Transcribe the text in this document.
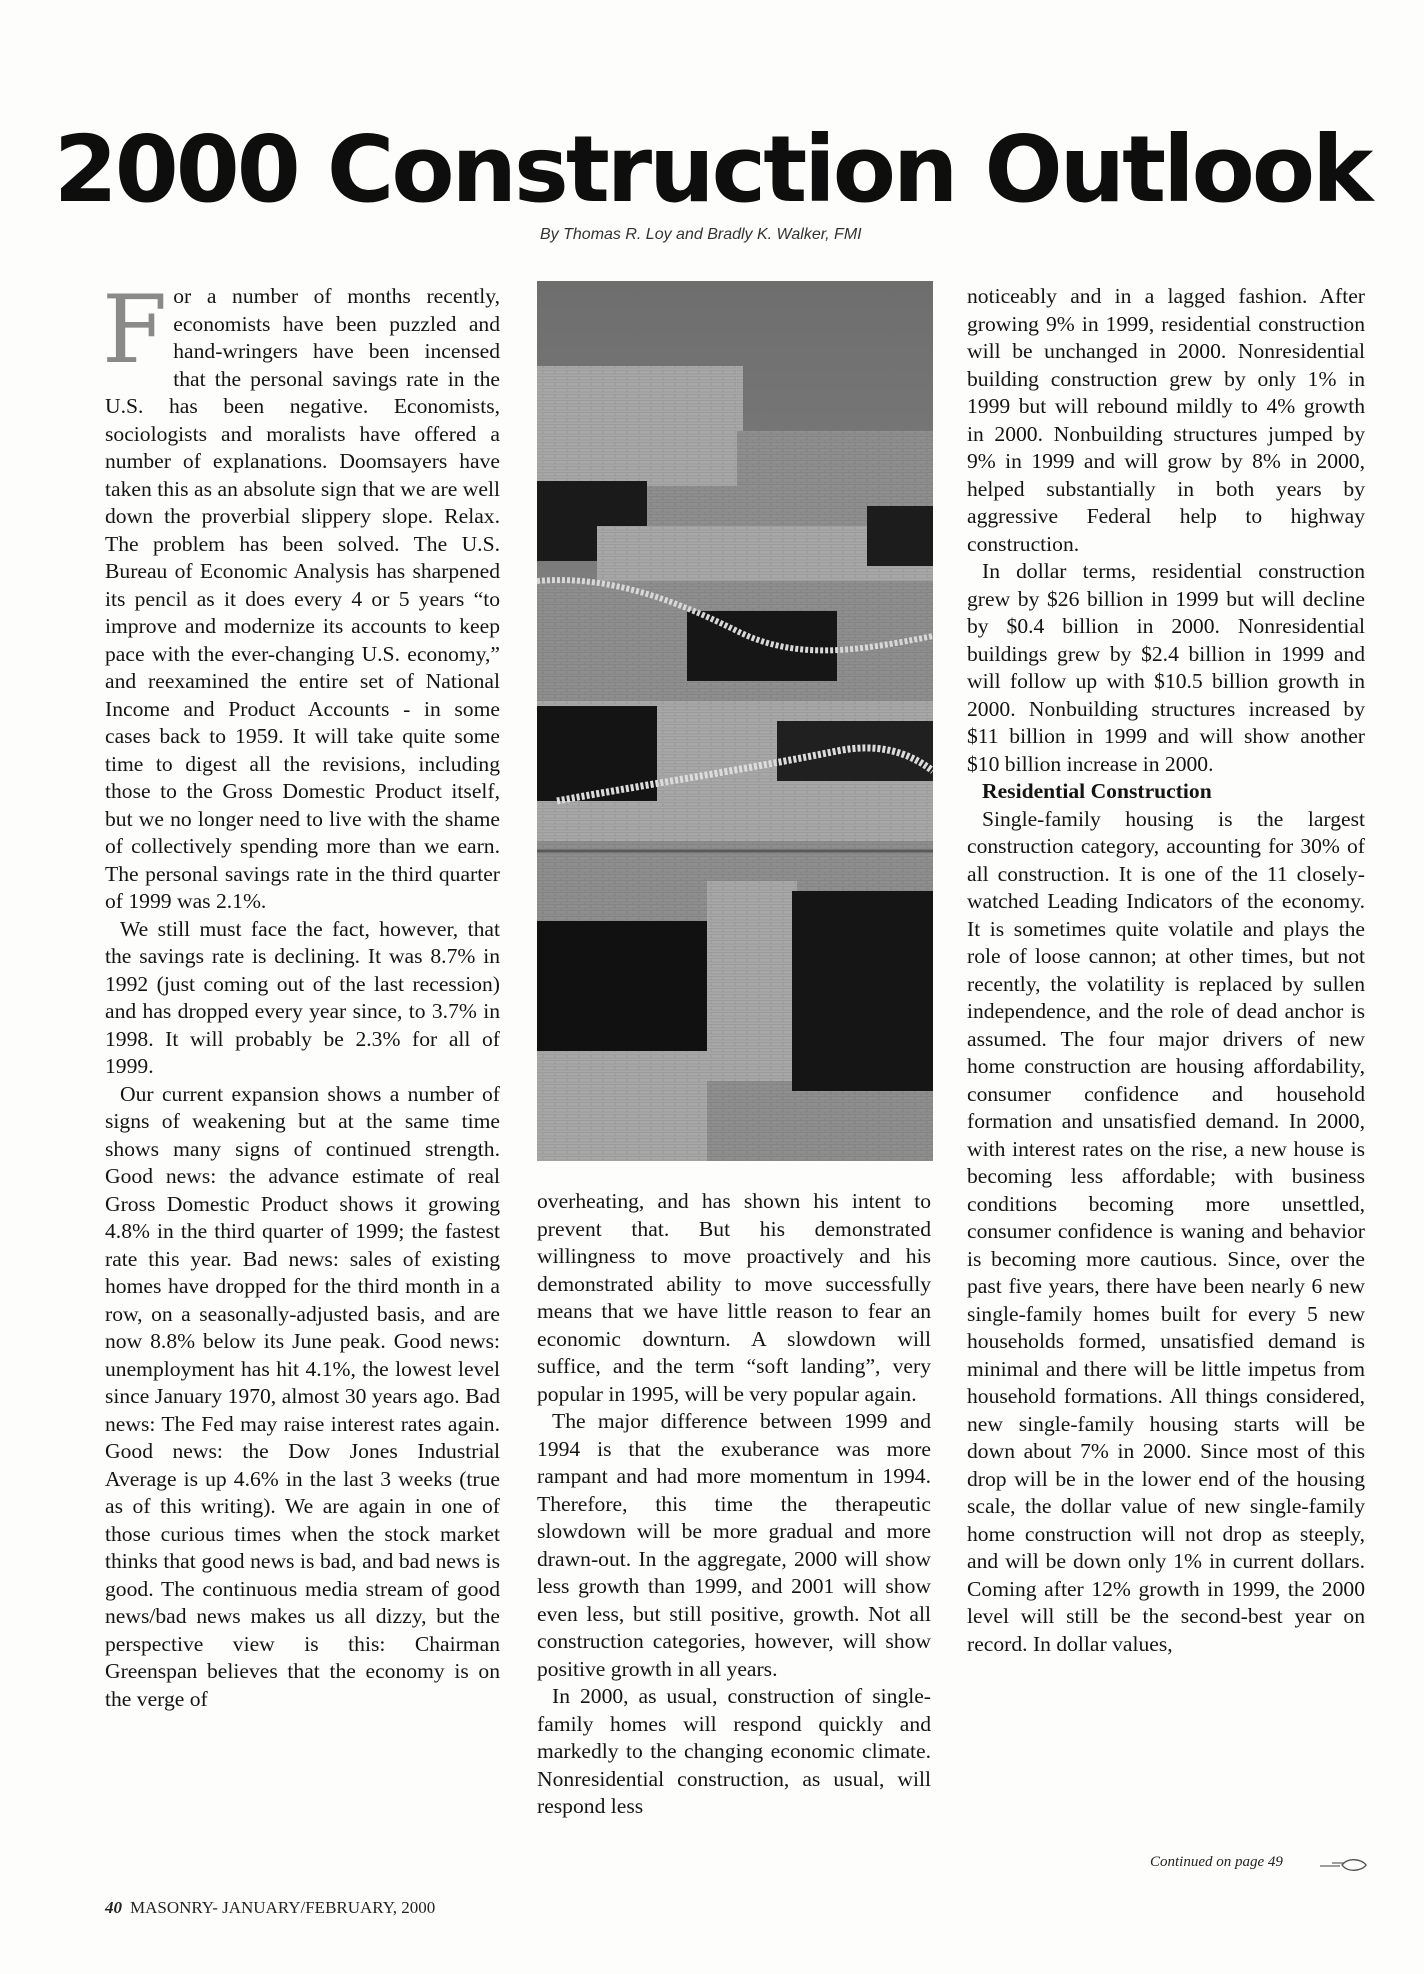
2000 Construction Outlook
By Thomas R. Loy and Bradly K. Walker, FMI

For a number of months recently, economists have been puzzled and hand-wringers have been incensed that the personal savings rate in the U.S. has been negative. Economists, sociologists and moralists have offered a number of explanations. Doomsayers have taken this as an absolute sign that we are well down the proverbial slippery slope. Relax. The problem has been solved. The U.S. Bureau of Economic Analysis has sharpened its pencil as it does every 4 or 5 years “to improve and modernize its accounts to keep pace with the ever-changing U.S. economy,” and reexamined the entire set of National Income and Product Accounts - in some cases back to 1959. It will take quite some time to digest all the revisions, including those to the Gross Domestic Product itself, but we no longer need to live with the shame of collectively spending more than we earn. The personal savings rate in the third quarter of 1999 was 2.1%.

We still must face the fact, however, that the savings rate is declining. It was 8.7% in 1992 (just coming out of the last recession) and has dropped every year since, to 3.7% in 1998. It will probably be 2.3% for all of 1999.

Our current expansion shows a number of signs of weakening but at the same time shows many signs of continued strength. Good news: the advance estimate of real Gross Domestic Product shows it growing 4.8% in the third quarter of 1999; the fastest rate this year. Bad news: sales of existing homes have dropped for the third month in a row, on a seasonally-adjusted basis, and are now 8.8% below its June peak. Good news: unemployment has hit 4.1%, the lowest level since January 1970, almost 30 years ago. Bad news: The Fed may raise interest rates again. Good news: the Dow Jones Industrial Average is up 4.6% in the last 3 weeks (true as of this writing). We are again in one of those curious times when the stock market thinks that good news is bad, and bad news is good. The continuous media stream of good news/bad news makes us all dizzy, but the perspective view is this: Chairman Greenspan believes that the economy is on the verge of

overheating, and has shown his intent to prevent that. But his demonstrated willingness to move proactively and his demonstrated ability to move successfully means that we have little reason to fear an economic downturn. A slowdown will suffice, and the term “soft landing”, very popular in 1995, will be very popular again.

The major difference between 1999 and 1994 is that the exuberance was more rampant and had more momentum in 1994. Therefore, this time the therapeutic slowdown will be more gradual and more drawn-out. In the aggregate, 2000 will show less growth than 1999, and 2001 will show even less, but still positive, growth. Not all construction categories, however, will show positive growth in all years.

In 2000, as usual, construction of single-family homes will respond quickly and markedly to the changing economic climate. Nonresidential construction, as usual, will respond less

noticeably and in a lagged fashion. After growing 9% in 1999, residential construction will be unchanged in 2000. Nonresidential building construction grew by only 1% in 1999 but will rebound mildly to 4% growth in 2000. Nonbuilding structures jumped by 9% in 1999 and will grow by 8% in 2000, helped substantially in both years by aggressive Federal help to highway construction.

In dollar terms, residential construction grew by $26 billion in 1999 but will decline by $0.4 billion in 2000. Nonresidential buildings grew by $2.4 billion in 1999 and will follow up with $10.5 billion growth in 2000. Nonbuilding structures increased by $11 billion in 1999 and will show another $10 billion increase in 2000.

Residential Construction

Single-family housing is the largest construction category, accounting for 30% of all construction. It is one of the 11 closely-watched Leading Indicators of the economy. It is sometimes quite volatile and plays the role of loose cannon; at other times, but not recently, the volatility is replaced by sullen independence, and the role of dead anchor is assumed. The four major drivers of new home construction are housing affordability, consumer confidence and household formation and unsatisfied demand. In 2000, with interest rates on the rise, a new house is becoming less affordable; with business conditions becoming more unsettled, consumer confidence is waning and behavior is becoming more cautious. Since, over the past five years, there have been nearly 6 new single-family homes built for every 5 new households formed, unsatisfied demand is minimal and there will be little impetus from household formations. All things considered, new single-family housing starts will be down about 7% in 2000. Since most of this drop will be in the lower end of the housing scale, the dollar value of new single-family home construction will not drop as steeply, and will be down only 1% in current dollars. Coming after 12% growth in 1999, the 2000 level will still be the second-best year on record. In dollar values,

Continued on page 49
40 MASONRY- JANUARY/FEBRUARY, 2000
